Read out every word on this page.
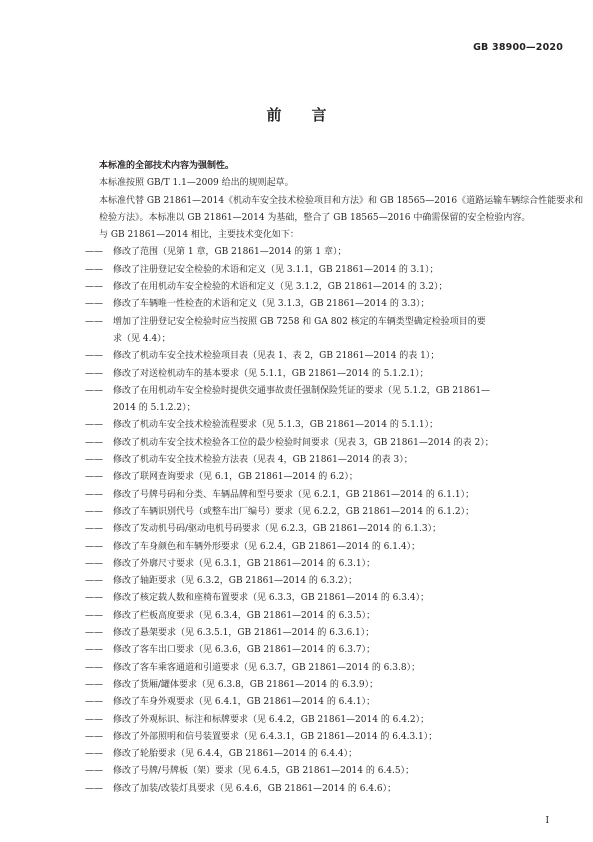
GB 38900—2020
前言

本标准的全部技术内容为强制性。

本标准按照 GB/T 1.1—2009 给出的规则起草。

本标准代替 GB 21861—2014《机动车安全技术检验项目和方法》和 GB 18565—2016《道路运输车辆综合性能要求和检验方法》。本标准以 GB 21861—2014 为基础，整合了 GB 18565—2016 中确需保留的安全检验内容。

与 GB 21861—2014 相比，主要技术变化如下：

—— 修改了范围（见第 1 章，GB 21861—2014 的第 1 章）；

—— 修改了注册登记安全检验的术语和定义（见 3.1.1，GB 21861—2014 的 3.1）；

—— 修改了在用机动车安全检验的术语和定义（见 3.1.2，GB 21861—2014 的 3.2）；

—— 修改了车辆唯一性检查的术语和定义（见 3.1.3，GB 21861—2014 的 3.3）；

—— 增加了注册登记安全检验时应当按照 GB 7258 和 GA 802 核定的车辆类型确定检验项目的要

求（见 4.4）；

—— 修改了机动车安全技术检验项目表（见表 1、表 2，GB 21861—2014 的表 1）；

—— 修改了对送检机动车的基本要求（见 5.1.1，GB 21861—2014 的 5.1.2.1）；

—— 修改了在用机动车安全检验时提供交通事故责任强制保险凭证的要求（见 5.1.2，GB 21861—

2014 的 5.1.2.2）；

—— 修改了机动车安全技术检验流程要求（见 5.1.3，GB 21861—2014 的 5.1.1）；

—— 修改了机动车安全技术检验各工位的最少检验时间要求（见表 3，GB 21861—2014 的表 2）；

—— 修改了机动车安全技术检验方法表（见表 4，GB 21861—2014 的表 3）；

—— 修改了联网查询要求（见 6.1，GB 21861—2014 的 6.2）；

—— 修改了号牌号码和分类、车辆品牌和型号要求（见 6.2.1，GB 21861—2014 的 6.1.1）；

—— 修改了车辆识别代号（或整车出厂编号）要求（见 6.2.2，GB 21861—2014 的 6.1.2）；

—— 修改了发动机号码/驱动电机号码要求（见 6.2.3，GB 21861—2014 的 6.1.3）；

—— 修改了车身颜色和车辆外形要求（见 6.2.4，GB 21861—2014 的 6.1.4）；

—— 修改了外廓尺寸要求（见 6.3.1，GB 21861—2014 的 6.3.1）；

—— 修改了轴距要求（见 6.3.2，GB 21861—2014 的 6.3.2）；

—— 修改了核定载人数和座椅布置要求（见 6.3.3，GB 21861—2014 的 6.3.4）；

—— 修改了栏板高度要求（见 6.3.4，GB 21861—2014 的 6.3.5）；

—— 修改了悬架要求（见 6.3.5.1，GB 21861—2014 的 6.3.6.1）；

—— 修改了客车出口要求（见 6.3.6，GB 21861—2014 的 6.3.7）；

—— 修改了客车乘客通道和引道要求（见 6.3.7，GB 21861—2014 的 6.3.8）；

—— 修改了货厢/罐体要求（见 6.3.8，GB 21861—2014 的 6.3.9）；

—— 修改了车身外观要求（见 6.4.1，GB 21861—2014 的 6.4.1）；

—— 修改了外观标识、标注和标牌要求（见 6.4.2，GB 21861—2014 的 6.4.2）；

—— 修改了外部照明和信号装置要求（见 6.4.3.1，GB 21861—2014 的 6.4.3.1）；

—— 修改了轮胎要求（见 6.4.4，GB 21861—2014 的 6.4.4）；

—— 修改了号牌/号牌板（架）要求（见 6.4.5，GB 21861—2014 的 6.4.5）；

—— 修改了加装/改装灯具要求（见 6.4.6，GB 21861—2014 的 6.4.6）；

I
